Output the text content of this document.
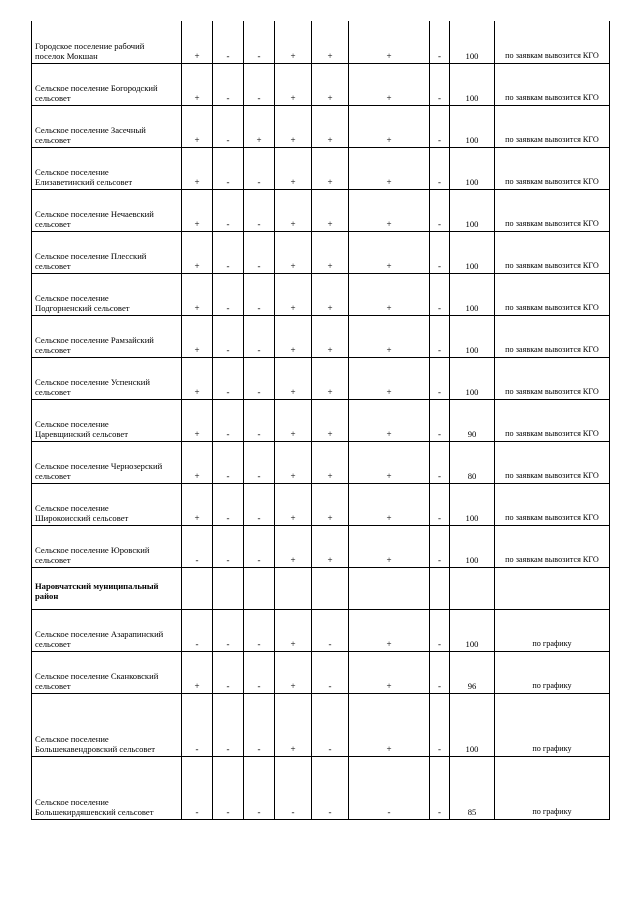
Городское поселение рабочий
поселок Мокшан	+	-	-	+	+	+	-	100	по заявкам вывозится КГО

Сельское поселение Богородский
сельсовет	+	-	-	+	+	+	-	100	по заявкам вывозится КГО

Сельское поселение Засечный
сельсовет	+	-	+	+	+	+	-	100	по заявкам вывозится КГО

Сельское поселение
Елизаветинский сельсовет	+	-	-	+	+	+	-	100	по заявкам вывозится КГО

Сельское поселение Нечаевский
сельсовет	+	-	-	+	+	+	-	100	по заявкам вывозится КГО

Сельское поселение Плесский
сельсовет	+	-	-	+	+	+	-	100	по заявкам вывозится КГО

Сельское поселение
Подгорненский сельсовет	+	-	-	+	+	+	-	100	по заявкам вывозится КГО

Сельское поселение Рамзайский
сельсовет	+	-	-	+	+	+	-	100	по заявкам вывозится КГО

Сельское поселение Успенский
сельсовет	+	-	-	+	+	+	-	100	по заявкам вывозится КГО

Сельское поселение
Царевщинский сельсовет	+	-	-	+	+	+	-	90	по заявкам вывозится КГО

Сельское поселение Чернозерский
сельсовет	+	-	-	+	+	+	-	80	по заявкам вывозится КГО

Сельское поселение
Широкоисский сельсовет	+	-	-	+	+	+	-	100	по заявкам вывозится КГО

Сельское поселение Юровский
сельсовет	-	-	-	+	+	+	-	100	по заявкам вывозится КГО

Наровчатский муниципальный
район									

Сельское поселение Азарапинский
сельсовет	-	-	-	+	-	+	-	100	по графику

Сельское поселение Сканковский
сельсовет	+	-	-	+	-	+	-	96	по графику

Сельское поселение
Большекавендровский сельсовет	-	-	-	+	-	+	-	100	по графику

Сельское поселение
Большекирдяшевский сельсовет	-	-	-	-	-	-	-	85	по графику
